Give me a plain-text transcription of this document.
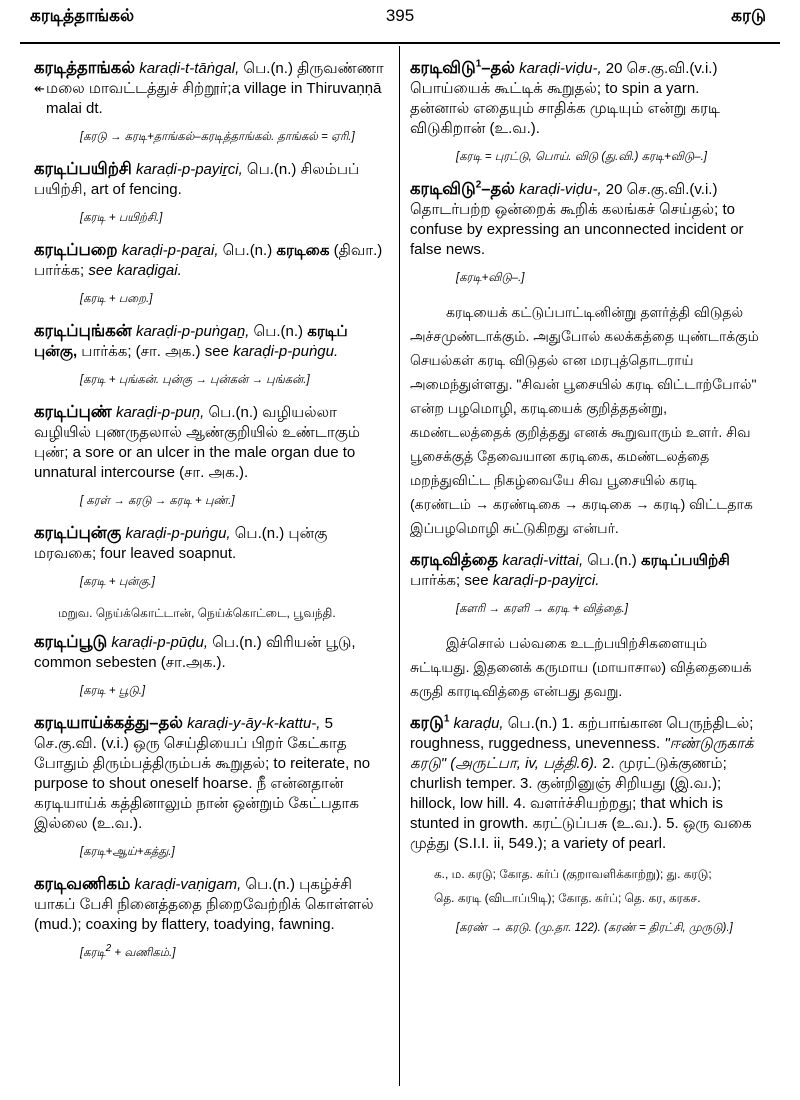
கரடித்தாங்கல்	395	கரடு
கரடித்தாங்கல் karaḍi-t-tāṅgal, பெ.(n.) திருவண்ணா
↞மலை மாவட்டத்துச் சிற்றூர்;a village in Thiruvaṇṇā
malai dt.
[கரடு → கரடி+தாங்கல்–கரடித்தாங்கல். தாங்கல் = ஏரி.]
கரடிப்பயிற்சி karaḍi-p-payiṟci, பெ.(n.) சிலம்பப் பயிற்சி, art of fencing.
[கரடி + பயிற்சி.]
கரடிப்பறை karaḍi-p-paṟai, பெ.(n.) கரடிகை (திவா.) பார்க்க; see karaḍigai.
[கரடி + பறை.]
கரடிப்புங்கன் karaḍi-p-puṅgaṉ, பெ.(n.) கரடிப் புன்கு, பார்க்க; (சா. அக.) see karaḍi-p-puṅgu.
[கரடி + புங்கன். புன்கு → புன்கன் → புங்கன்.]
கரடிப்புண் karaḍi-p-puṇ, பெ.(n.) வழியல்லா வழியில் புணருதலால் ஆண்குறியில் உண்டாகும் புண்; a sore or an ulcer in the male organ due to unnatural intercourse (சா. அக.).
[ கரள் → கரடு → கரடி + புண்.]
கரடிப்புன்கு karaḍi-p-puṅgu, பெ.(n.) புன்கு மரவகை; four leaved soapnut.
[கரடி + புன்கு.]
மறுவ. நெய்க்கொட்டான், நெய்க்கொட்டை, பூவந்தி.
கரடிப்பூடு karaḍi-p-pūḍu, பெ.(n.) விரியன் பூடு, common sebesten (சா.அக.).
[கரடி + பூடு.]
கரடியாய்க்கத்து–தல் karaḍi-y-āy-k-kattu-, 5 செ.கு.வி. (v.i.) ஒரு செய்தியைப் பிறர் கேட்காத போதும் திரும்பத்திரும்பக் கூறுதல்; to reiterate, no purpose to shout oneself hoarse. நீ என்னதான் கரடியாய்க் கத்தினாலும் நான் ஒன்றும் கேட்பதாக இல்லை (உ.வ.).
[கரடி+ஆய்+கத்து.]
கரடிவணிகம் karaḍi-vaṇigam, பெ.(n.) புகழ்ச்சி யாகப் பேசி நினைத்ததை நிறைவேற்றிக் கொள்ளல் (mud.); coaxing by flattery, toadying, fawning.
[கரடி$^2$ + வணிகம்.]
கரடிவிடு$^1$–தல் karaḍi-viḍu-, 20 செ.கு.வி.(v.i.) பொய்யைக் கூட்டிக் கூறுதல்; to spin a yarn. தன்னால் எதையும் சாதிக்க முடியும் என்று கரடி விடுகிறான் (உ.வ.).
[கரடி = புரட்டு, பொய். விடு (து.வி.) கரடி+விடு–.]
கரடிவிடு$^2$–தல் karaḍi-viḍu-, 20 செ.கு.வி.(v.i.) தொடர்பற்ற ஒன்றைக் கூறிக் கலங்கச் செய்தல்; to confuse by expressing an unconnected incident or false news.
[கரடி+விடு–.]
கரடியைக் கட்டுப்பாட்டினின்று தளர்த்தி விடுதல் அச்சமுண்டாக்கும். அதுபோல் கலக்கத்தை யுண்டாக்கும் செயல்கள் கரடி விடுதல் என மரபுத்தொடராய் அமைந்துள்ளது. "சிவன் பூசையில் கரடி விட்டாற்போல்" என்ற பழமொழி, கரடியைக் குறித்ததன்று, கமண்டலத்தைக் குறித்தது எனக் கூறுவாரும் உளர். சிவ பூசைக்குத் தேவையான கரடிகை, கமண்டலத்தை மறந்துவிட்ட நிகழ்வையே சிவ பூசையில் கரடி (கரண்டம் → கரண்டிகை → கரடிகை → கரடி) விட்டதாக இப்பழமொழி சுட்டுகிறது என்பர்.
கரடிவித்தை karaḍi-vittai, பெ.(n.) கரடிப்பயிற்சி பார்க்க; see karaḍi-p-payiṟci.
[களரி → கரளி → கரடி + வித்தை.]
இச்சொல் பல்வகை உடற்பயிற்சிகளையும் சுட்டியது. இதனைக் கருமாய (மாயாசால) வித்தையைக் கருதி காரடிவித்தை என்பது தவறு.
கரடு$^1$ karaḍu, பெ.(n.) 1. கற்பாங்கான பெருந்திடல்; roughness, ruggedness, unevenness. "ஈண்டுருகாக் கரடு" (அருட்பா, iv, பத்தி.6). 2. முரட்டுக்குணம்; churlish temper. 3. குன்றினுஞ் சிறியது (இ.வ.); hillock, low hill. 4. வளர்ச்சியற்றது; that which is stunted in growth. கரட்டுப்பசு (உ.வ.). 5. ஒரு வகை முத்து (S.I.I. ii, 549.); a variety of pearl.
க., ம. கரடு; கோத. கர்ப் (குறாவளிக்காற்று); து. கரடு;
தெ. கரடி (விடாப்பிடி); கோத. கர்ப்; தெ. கர, கரகச.
[கரண் → கரடு. (மு.தா. 122). (கரண் = திரட்சி, முருடு).]
